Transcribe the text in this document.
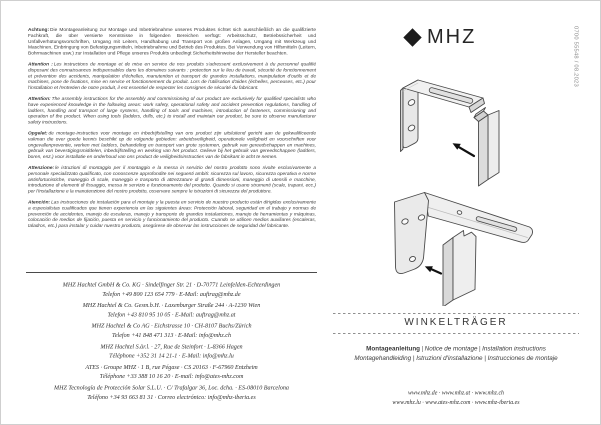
Achtung:Die Montageanleitung zur Montage und Inbetriebnahme unseres Produktes richtet sich ausschließlich an die qualifizierte Fachkraft, die über versierte Kenntnisse in folgenden Bereichen verfügt: Arbeitsschutz, Betriebssicherheit und Unfallverhütungsvorschriften, Umgang mit Leitern, Handhabung und Transport von großen Anlagen, Umgang mit Werkzeug und Maschinen, Einbringung von Befestigungsmitteln, Inbetriebnahme und Betrieb des Produktes. Bei Verwendung von Hilfsmitteln (Leitern, Bohrmaschinen usw.) zur Installation und Pflege unseres Produkts unbedingt Sicherheitshinweise der Hersteller beachten.

Attention :Les instructions de montage et de mise en service de nos produits s'adressent exclusivement à du personnel qualifié disposant des connaissances indispensables dans les domaines suivants : protection sur le lieu de travail, sécurité de fonctionnement et prévention des accidents, manipulation d'échelles, manutention et transport de grandes installations, manipulation d'outils et de machines, pose de fixations, mise en service et fonctionnement du produit. Lors de l'utilisation d'aides (échelles, perceuses, etc.) pour l'installation et l'entretien de notre produit, il est essentiel de respecter les consignes de sécurité du fabricant.

Attention:The assembly instructions for the assembly and commissioning of our product are exclusively for qualified specialists who have experienced knowledge in the following areas: work safety, operational safety and accident prevention regulations, handling of ladders, handling and transport of large systems, handling of tools and machines, introduction of fasteners, commissioning and operation of the product. When using tools (ladders, drills, etc.) to install and maintain our product, be sure to observe manufacturer safety instructions.

Opgelet:de montage-instructies voor montage en inbedrijfstelling van ons product zijn uitsluitend gericht aan de gekwalificeerde vakman die over goede kennis beschikt op de volgende gebieden: arbeidsveiligheid, operationele veiligheid en voorschriften voor ongevallenpreventie, werken met ladders, behandeling en transport van grote systemen, gebruik van gereedschappen en machines, gebruik van bevestigingsmiddelen, inbedrijfstelling en werking van het product. Gelieve bij het gebruik van gereedschappen (ladders, boren, enz.) voor installatie en onderhoud van ons product de veiligheidsinstructies van de fabrikant in acht te nemen.

Attenzione:le istruzioni di montaggio per il montaggio e la messa in servizio del nostro prodotto sono rivolte esclusivamente a personale specializzato qualificato, con conoscenze approfondite nei seguenti ambiti: sicurezza sul lavoro, sicurezza operativa e norme antinfortunistiche, maneggio di scale, maneggio e trasporto di attrezzature di grandi dimensioni, maneggio di utensili e macchine, introduzione di elementi di fissaggio, messa in servizio e funzionamento del prodotto. Quando si usano strumenti (scale, trapani, ecc.) per l'installazione e la manutenzione del nostro prodotto, osservare sempre le istruzioni di sicurezza del produttore.

Atención:Las instrucciones de instalación para el montaje y la puesta en servicio de nuestro producto están dirigidas exclusivamente a especialistas cualificados que tienen experiencia en las siguientes áreas: Protección laboral, seguridad en el trabajo y normas de prevención de accidentes, manejo de escaleras, manejo y transporte de grandes instalaciones, manejo de herramientas y máquinas, colocación de medios de fijación, puesta en servicio y funcionamiento del producto. Cuando se utilicen medios auxiliares (escaleras, taladros, etc.) para instalar y cuidar nuestro producto, asegúrese de observar las instrucciones de seguridad del fabricante.

MHZ Hachtel GmbH & Co. KG · Sindelfinger Str. 21 · D-70771 Leinfelden-Echterdingen
Telefon +49 800 123 654 779 · E-Mail: auftrag@mhz.de
MHZ Hachtel & Co. Gesm.b.H. · Laxenburger Straße 244 · A-1230 Wien
Telefon +43 810 95 10 05 · E-Mail: auftrag@mhz.at
MHZ Hachtel & Co AG · Eichstrasse 10 · CH-8107 Buchs/Zürich
Telefon +41 848 471 313 · E-Mail: info@mhz.ch
MHZ Hachtel S.àr.l. · 27, Rue de Steinfort · L-8366 Hagen
Téléphone +352 31 14 21-1 · E-Mail: info@mhz.lu
ATES · Groupe MHZ · 1 B, rue Pégase · CS 20163 · F-67960 Entzheim
Téléphone +33 388 10 16 20 · E-mail: info@ates-mhz.com
MHZ Tecnología de Protección Solar S.L.U. · C/ Trafalgar 36, Loc. dcha. · ES-08010 Barcelona
Teléfono +34 93 663 81 31 · Correo electrónico: info@mhz-iberia.es
MHZ	0700 55548 / 08.2023
WINKELTRÄGER
Montageanleitung | Notice de montage | Installation instructions
Montagehandleiding | Istruzioni d'installazione | Instrucciones de montaje
www.mhz.de · www.mhz.at · www.mhz.ch
www.mhz.lu · www.ates-mhz.com · www.mhz-iberia.es
